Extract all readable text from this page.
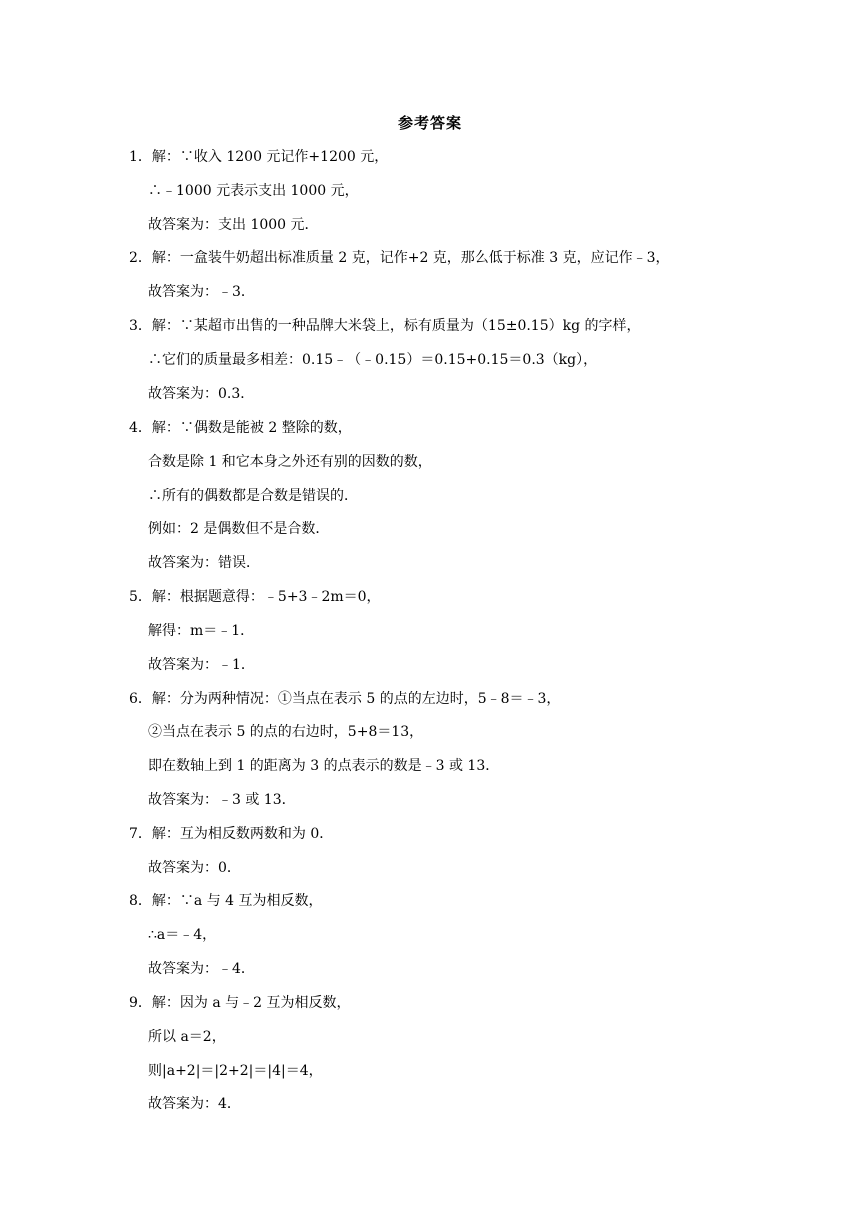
参考答案
1．解：∵收入 1200 元记作+1200 元，
∴﹣1000 元表示支出 1000 元，
故答案为：支出 1000 元．
2．解：一盒装牛奶超出标准质量 2 克，记作+2 克，那么低于标准 3 克，应记作﹣3，
故答案为：﹣3．
3．解：∵某超市出售的一种品牌大米袋上，标有质量为（15±0.15）kg 的字样，
∴它们的质量最多相差：0.15﹣（﹣0.15）＝0.15+0.15＝0.3（kg），
故答案为：0.3．
4．解：∵偶数是能被 2 整除的数，
合数是除 1 和它本身之外还有别的因数的数，
∴所有的偶数都是合数是错误的．
例如：2 是偶数但不是合数．
故答案为：错误．
5．解：根据题意得：﹣5+3﹣2m＝0，
解得：m＝﹣1．
故答案为：﹣1．
6．解：分为两种情况：①当点在表示 5 的点的左边时，5﹣8＝﹣3，
②当点在表示 5 的点的右边时，5+8＝13，
即在数轴上到 1 的距离为 3 的点表示的数是﹣3 或 13．
故答案为：﹣3 或 13．
7．解：互为相反数两数和为 0．
故答案为：0．
8．解：∵a 与 4 互为相反数，
∴a＝﹣4，
故答案为：﹣4．
9．解：因为 a 与﹣2 互为相反数，
所以 a＝2，
则|a+2|＝|2+2|＝|4|＝4，
故答案为：4．
